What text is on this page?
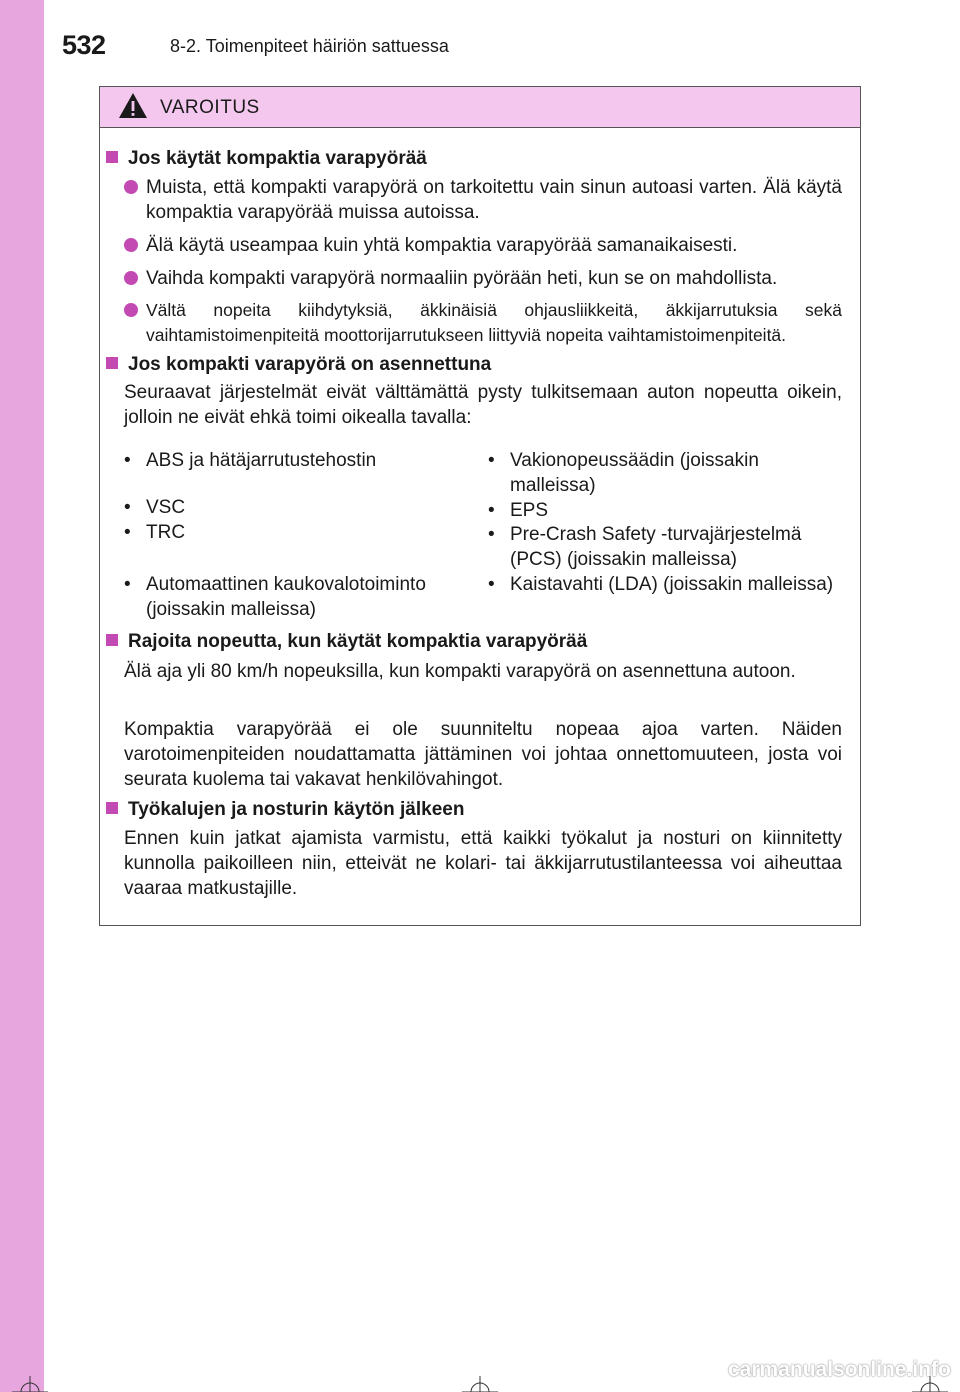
532	8-2. Toimenpiteet häiriön sattuessa
VAROITUS
Jos käytät kompaktia varapyörää
Muista, että kompakti varapyörä on tarkoitettu vain sinun autoasi varten. Älä käytä kompaktia varapyörää muissa autoissa.
Älä käytä useampaa kuin yhtä kompaktia varapyörää samanaikaisesti.
Vaihda kompakti varapyörä normaaliin pyörään heti, kun se on mahdollista.
Vältä nopeita kiihdytyksiä, äkkinäisiä ohjausliikkeitä, äkkijarrutuksia sekä vaihtamistoimenpiteitä moottorijarrutukseen liittyviä nopeita vaihtamistoimenpiteitä.
Jos kompakti varapyörä on asennettuna
Seuraavat järjestelmät eivät välttämättä pysty tulkitsemaan auton nopeutta oikein, jolloin ne eivät ehkä toimi oikealla tavalla:
• ABS ja hätäjarrutustehostin
• VSC
• TRC
• Automaattinen kaukovalotoiminto (joissakin malleissa)
• Vakionopeussäädin (joissakin malleissa)
• EPS
• Pre-Crash Safety -turvajärjestelmä (PCS) (joissakin malleissa)
• Kaistavahti (LDA) (joissakin malleissa)
Rajoita nopeutta, kun käytät kompaktia varapyörää
Älä aja yli 80 km/h nopeuksilla, kun kompakti varapyörä on asennettuna autoon.
Kompaktia varapyörää ei ole suunniteltu nopeaa ajoa varten. Näiden varotoimenpiteiden noudattamatta jättäminen voi johtaa onnettomuuteen, josta voi seurata kuolema tai vakavat henkilövahingot.
Työkalujen ja nosturin käytön jälkeen
Ennen kuin jatkat ajamista varmistu, että kaikki työkalut ja nosturi on kiinnitetty kunnolla paikoilleen niin, etteivät ne kolari- tai äkkijarrutustilanteessa voi aiheuttaa vaaraa matkustajille.
carmanualsonline.info
